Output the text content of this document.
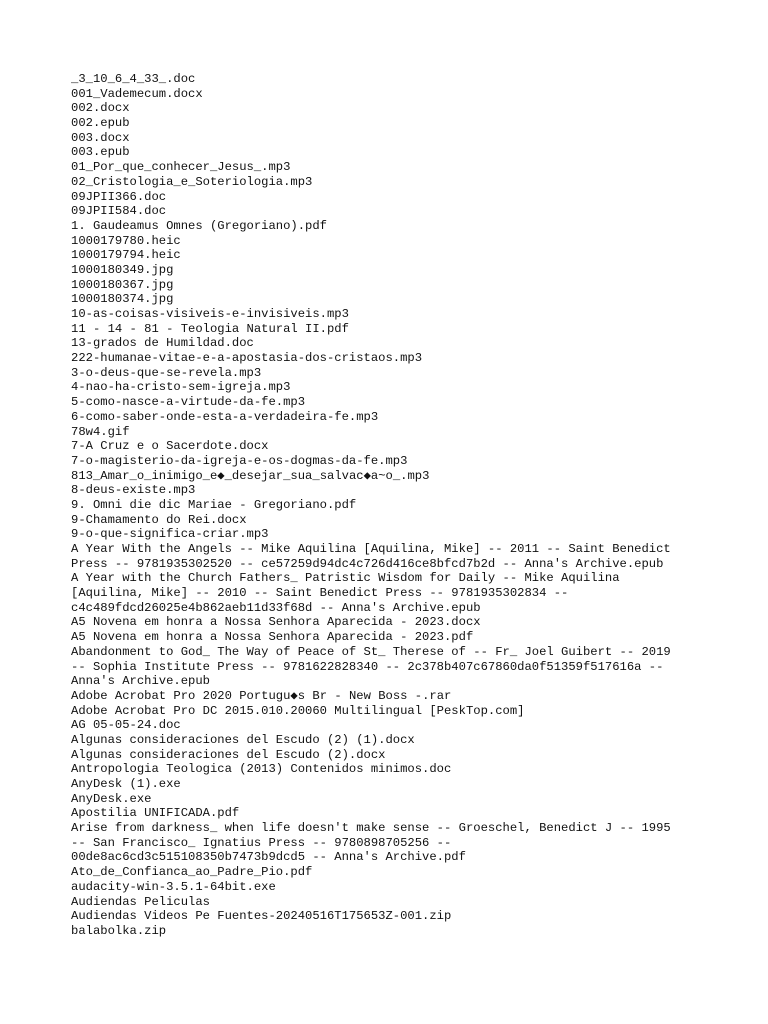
_3_10_6_4_33_.doc
001_Vademecum.docx
002.docx
002.epub
003.docx
003.epub
01_Por_que_conhecer_Jesus_.mp3
02_Cristologia_e_Soteriologia.mp3
09JPII366.doc
09JPII584.doc
1. Gaudeamus Omnes (Gregoriano).pdf
1000179780.heic
1000179794.heic
1000180349.jpg
1000180367.jpg
1000180374.jpg
10-as-coisas-visiveis-e-invisiveis.mp3
11 - 14 - 81 - Teologia Natural II.pdf
13-grados de Humildad.doc
222-humanae-vitae-e-a-apostasia-dos-cristaos.mp3
3-o-deus-que-se-revela.mp3
4-nao-ha-cristo-sem-igreja.mp3
5-como-nasce-a-virtude-da-fe.mp3
6-como-saber-onde-esta-a-verdadeira-fe.mp3
78w4.gif
7-A Cruz e o Sacerdote.docx
7-o-magisterio-da-igreja-e-os-dogmas-da-fe.mp3
813_Amar_o_inimigo_e◆_desejar_sua_salvac◆a~o_.mp3
8-deus-existe.mp3
9. Omni die dic Mariae - Gregoriano.pdf
9-Chamamento do Rei.docx
9-o-que-significa-criar.mp3
A Year With the Angels -- Mike Aquilina [Aquilina, Mike] -- 2011 -- Saint Benedict
Press -- 9781935302520 -- ce57259d94dc4c726d416ce8bfcd7b2d -- Anna's Archive.epub
A Year with the Church Fathers_ Patristic Wisdom for Daily -- Mike Aquilina
[Aquilina, Mike] -- 2010 -- Saint Benedict Press -- 9781935302834 --
c4c489fdcd26025e4b862aeb11d33f68d -- Anna's Archive.epub
A5 Novena em honra a Nossa Senhora Aparecida - 2023.docx
A5 Novena em honra a Nossa Senhora Aparecida - 2023.pdf
Abandonment to God_ The Way of Peace of St_ Therese of -- Fr_ Joel Guibert -- 2019
-- Sophia Institute Press -- 9781622828340 -- 2c378b407c67860da0f51359f517616a --
Anna's Archive.epub
Adobe Acrobat Pro 2020 Portugu◆s Br - New Boss -.rar
Adobe Acrobat Pro DC 2015.010.20060 Multilingual [PeskTop.com]
AG 05-05-24.doc
Algunas consideraciones del Escudo (2) (1).docx
Algunas consideraciones del Escudo (2).docx
Antropologia Teologica (2013) Contenidos minimos.doc
AnyDesk (1).exe
AnyDesk.exe
Apostilia UNIFICADA.pdf
Arise from darkness_ when life doesn't make sense -- Groeschel, Benedict J -- 1995
-- San Francisco_ Ignatius Press -- 9780898705256 --
00de8ac6cd3c515108350b7473b9dcd5 -- Anna's Archive.pdf
Ato_de_Confianca_ao_Padre_Pio.pdf
audacity-win-3.5.1-64bit.exe
Audiendas Peliculas
Audiendas Videos Pe Fuentes-20240516T175653Z-001.zip
balabolka.zip
